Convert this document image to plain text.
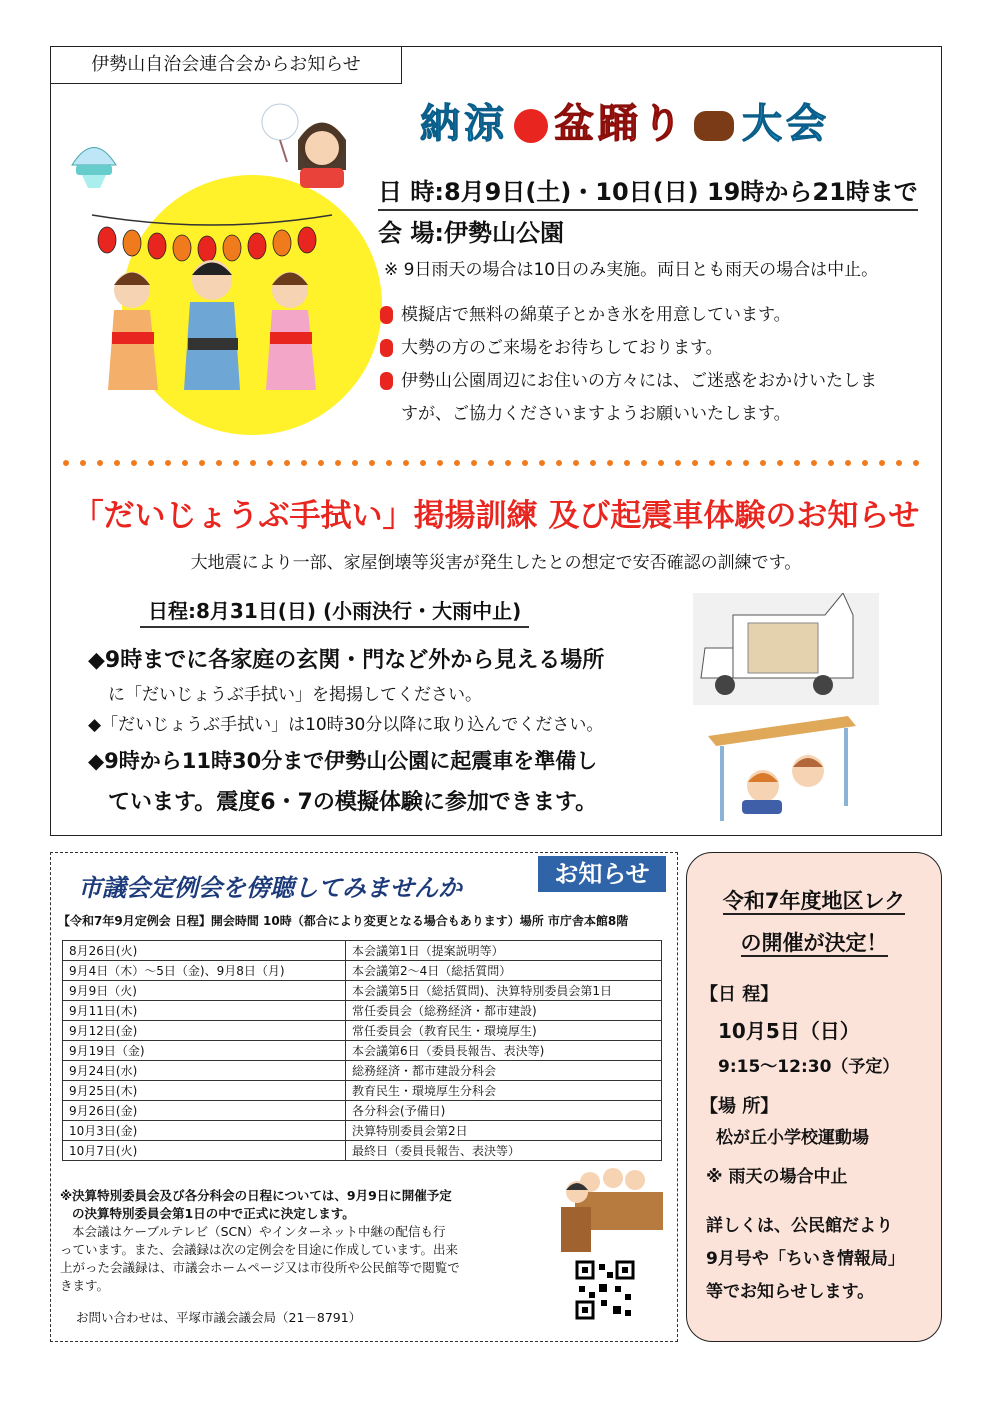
伊勢山自治会連合会からお知らせ
納涼 盆踊り 大会
日 時:8月9日(土)・10日(日) 19時から21時まで
会 場:伊勢山公園
※ 9日雨天の場合は10日のみ実施。両日とも雨天の場合は中止。
模擬店で無料の綿菓子とかき氷を用意しています。
大勢の方のご来場をお待ちしております。
伊勢山公園周辺にお住いの方々には、ご迷惑をおかけいたしま
すが、ご協力くださいますようお願いいたします。
「だいじょうぶ手拭い」掲揚訓練 及び起震車体験のお知らせ
大地震により一部、家屋倒壊等災害が発生したとの想定で安否確認の訓練です。
日程:8月31日(日) (小雨決行・大雨中止)
◆9時までに各家庭の玄関・門など外から見える場所
に「だいじょうぶ手拭い」を掲揚してください。
◆「だいじょうぶ手拭い」は10時30分以降に取り込んでください。
◆9時から11時30分まで伊勢山公園に起震車を準備し
ています。震度6・7の模擬体験に参加できます。
お知らせ
市議会定例会を傍聴してみませんか
【令和7年9月定例会 日程】開会時間 10時（都合により変更となる場合もあります）場所 市庁舎本館8階
8月26日(火)	本会議第1日（提案説明等）
9月4日（木）～5日（金)、9月8日（月)	本会議第2～4日（総括質問）
9月9日（火)	本会議第5日（総括質問)、決算特別委員会第1日
9月11日(木)	常任委員会（総務経済・都市建設)
9月12日(金)	常任委員会（教育民生・環境厚生)
9月19日（金)	本会議第6日（委員長報告、表決等)
9月24日(水)	総務経済・都市建設分科会
9月25日(木)	教育民生・環境厚生分科会
9月26日(金)	各分科会(予備日)
10月3日(金)	決算特別委員会第2日
10月7日(火)	最終日（委員長報告、表決等）
※決算特別委員会及び各分科会の日程については、9月9日に開催予定
の決算特別委員会第1日の中で正式に決定します。
本会議はケーブルテレビ（SCN）やインターネット中継の配信も行
っています。また、会議録は次の定例会を目途に作成しています。出来
上がった会議録は、市議会ホームページ又は市役所や公民館等で閲覧で
きます。
お問い合わせは、平塚市議会議会局（21－8791）
令和7年度地区レク
の開催が決定！
【日 程】
10月5日（日）
9:15～12:30（予定）
【場 所】
松が丘小学校運動場
※ 雨天の場合中止
詳しくは、公民館だより
9月号や「ちいき情報局」
等でお知らせします。
